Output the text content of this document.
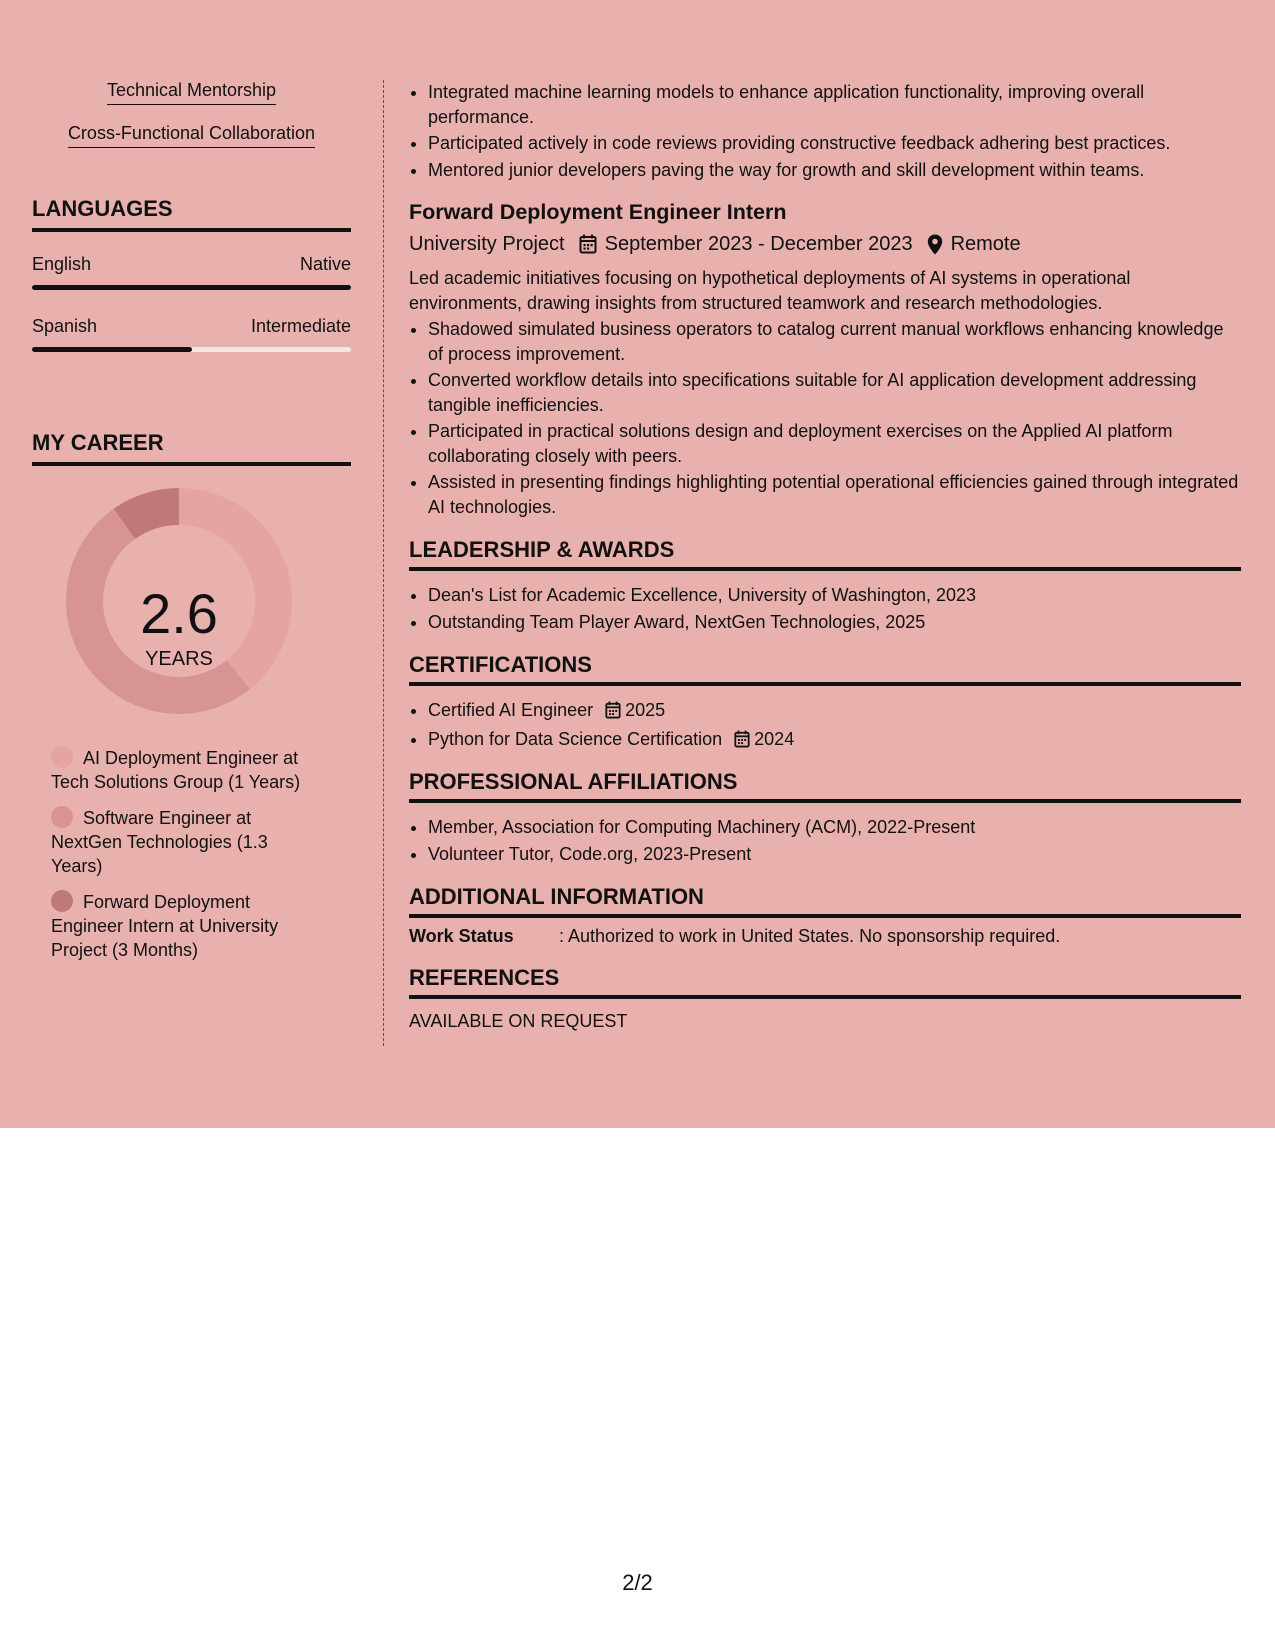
Technical Mentorship
Cross-Functional Collaboration
LANGUAGES
English	Native
Spanish	Intermediate
MY CAREER
2.6
YEARS
AI Deployment Engineer at Tech Solutions Group (1 Years)
Software Engineer at NextGen Technologies (1.3 Years)
Forward Deployment Engineer Intern at University Project (3 Months)
• Integrated machine learning models to enhance application functionality, improving overall performance.
• Participated actively in code reviews providing constructive feedback adhering best practices.
• Mentored junior developers paving the way for growth and skill development within teams.
Forward Deployment Engineer Intern
University Project September 2023 - December 2023 Remote
Led academic initiatives focusing on hypothetical deployments of AI systems in operational environments, drawing insights from structured teamwork and research methodologies.
• Shadowed simulated business operators to catalog current manual workflows enhancing knowledge of process improvement.
• Converted workflow details into specifications suitable for AI application development addressing tangible inefficiencies.
• Participated in practical solutions design and deployment exercises on the Applied AI platform collaborating closely with peers.
• Assisted in presenting findings highlighting potential operational efficiencies gained through integrated AI technologies.
LEADERSHIP & AWARDS
• Dean's List for Academic Excellence, University of Washington, 2023
• Outstanding Team Player Award, NextGen Technologies, 2025
CERTIFICATIONS
• Certified AI Engineer 2025
• Python for Data Science Certification 2024
PROFESSIONAL AFFILIATIONS
• Member, Association for Computing Machinery (ACM), 2022-Present
• Volunteer Tutor, Code.org, 2023-Present
ADDITIONAL INFORMATION
Work Status	: Authorized to work in United States. No sponsorship required.
REFERENCES
AVAILABLE ON REQUEST
2/2
